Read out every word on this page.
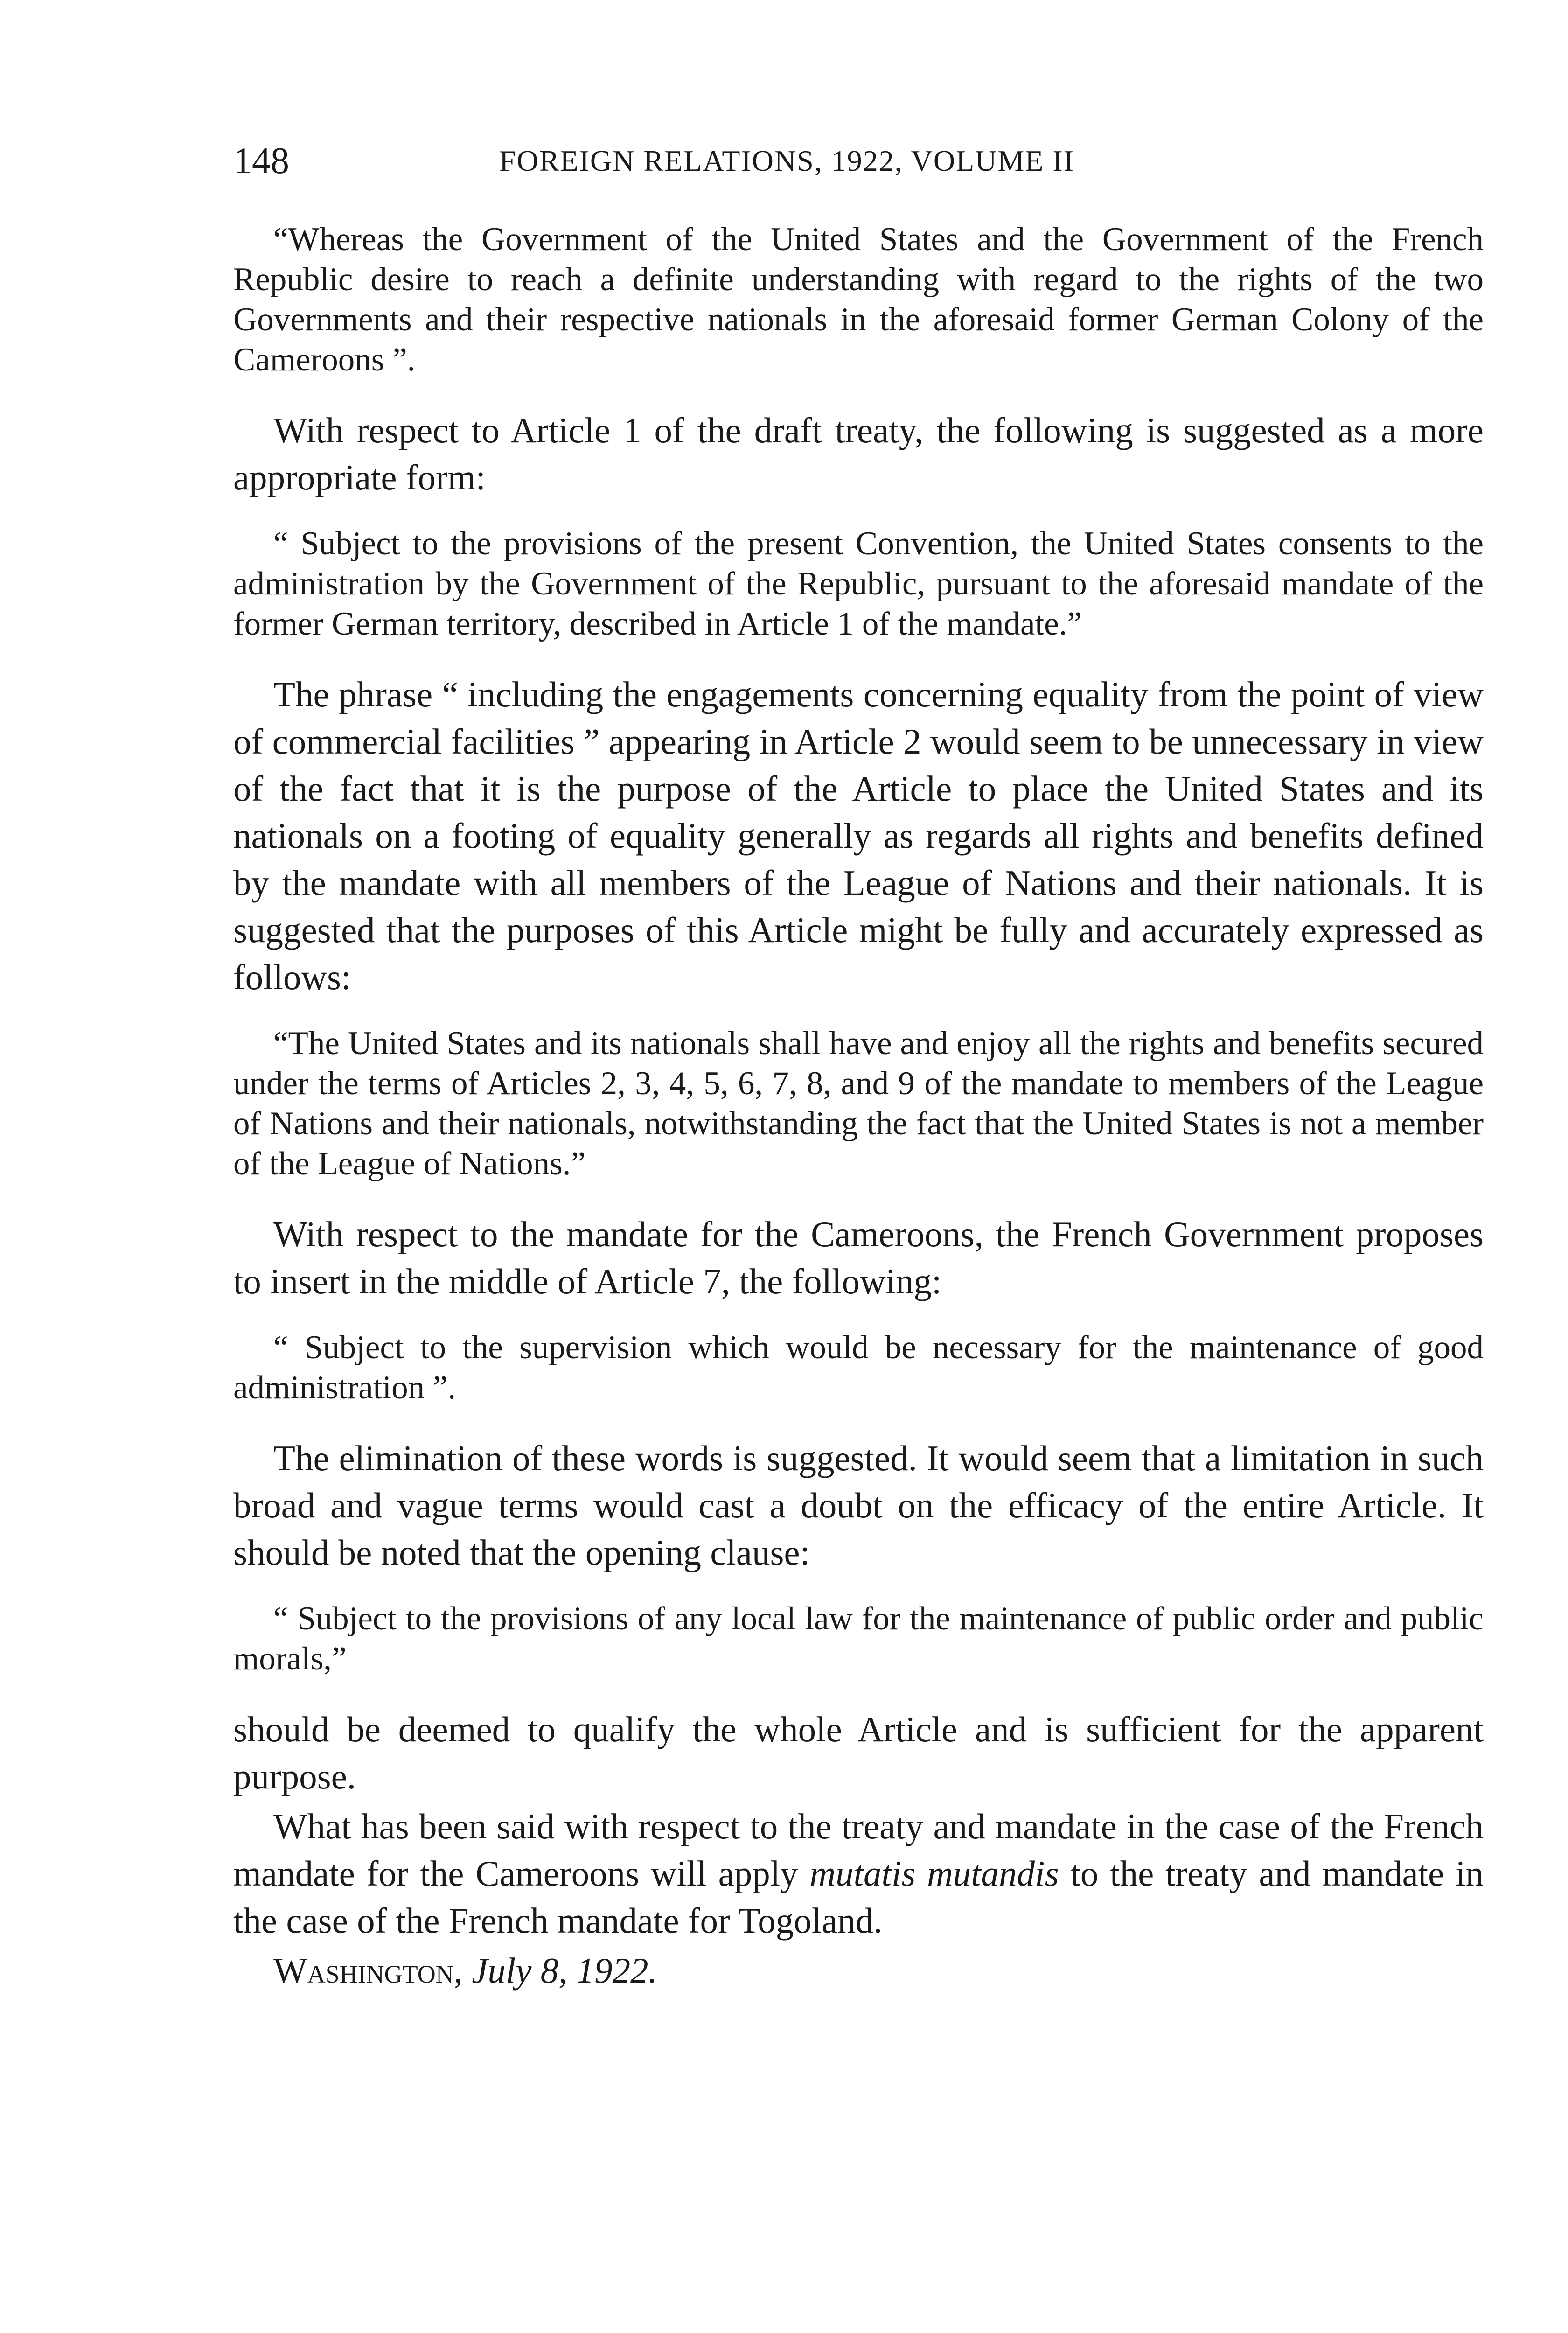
148	FOREIGN RELATIONS, 1922, VOLUME II

“Whereas the Government of the United States and the Government of the French Republic desire to reach a definite understanding with regard to the rights of the two Governments and their respective nationals in the aforesaid former German Colony of the Cameroons ”.

With respect to Article 1 of the draft treaty, the following is suggested as a more appropriate form:

“ Subject to the provisions of the present Convention, the United States consents to the administration by the Government of the Republic, pursuant to the aforesaid mandate of the former German territory, described in Article 1 of the mandate.”

The phrase “ including the engagements concerning equality from the point of view of commercial facilities ” appearing in Article 2 would seem to be unnecessary in view of the fact that it is the purpose of the Article to place the United States and its nationals on a footing of equality generally as regards all rights and benefits defined by the mandate with all members of the League of Nations and their nationals. It is suggested that the purposes of this Article might be fully and accurately expressed as follows:

“The United States and its nationals shall have and enjoy all the rights and benefits secured under the terms of Articles 2, 3, 4, 5, 6, 7, 8, and 9 of the mandate to members of the League of Nations and their nationals, notwithstanding the fact that the United States is not a member of the League of Nations.”

With respect to the mandate for the Cameroons, the French Government proposes to insert in the middle of Article 7, the following:

“ Subject to the supervision which would be necessary for the maintenance of good administration ”.

The elimination of these words is suggested. It would seem that a limitation in such broad and vague terms would cast a doubt on the efficacy of the entire Article. It should be noted that the opening clause:

“ Subject to the provisions of any local law for the maintenance of public order and public morals,”

should be deemed to qualify the whole Article and is sufficient for the apparent purpose.

What has been said with respect to the treaty and mandate in the case of the French mandate for the Cameroons will apply mutatis mutandis to the treaty and mandate in the case of the French mandate for Togoland.

Washington, July 8, 1922.
